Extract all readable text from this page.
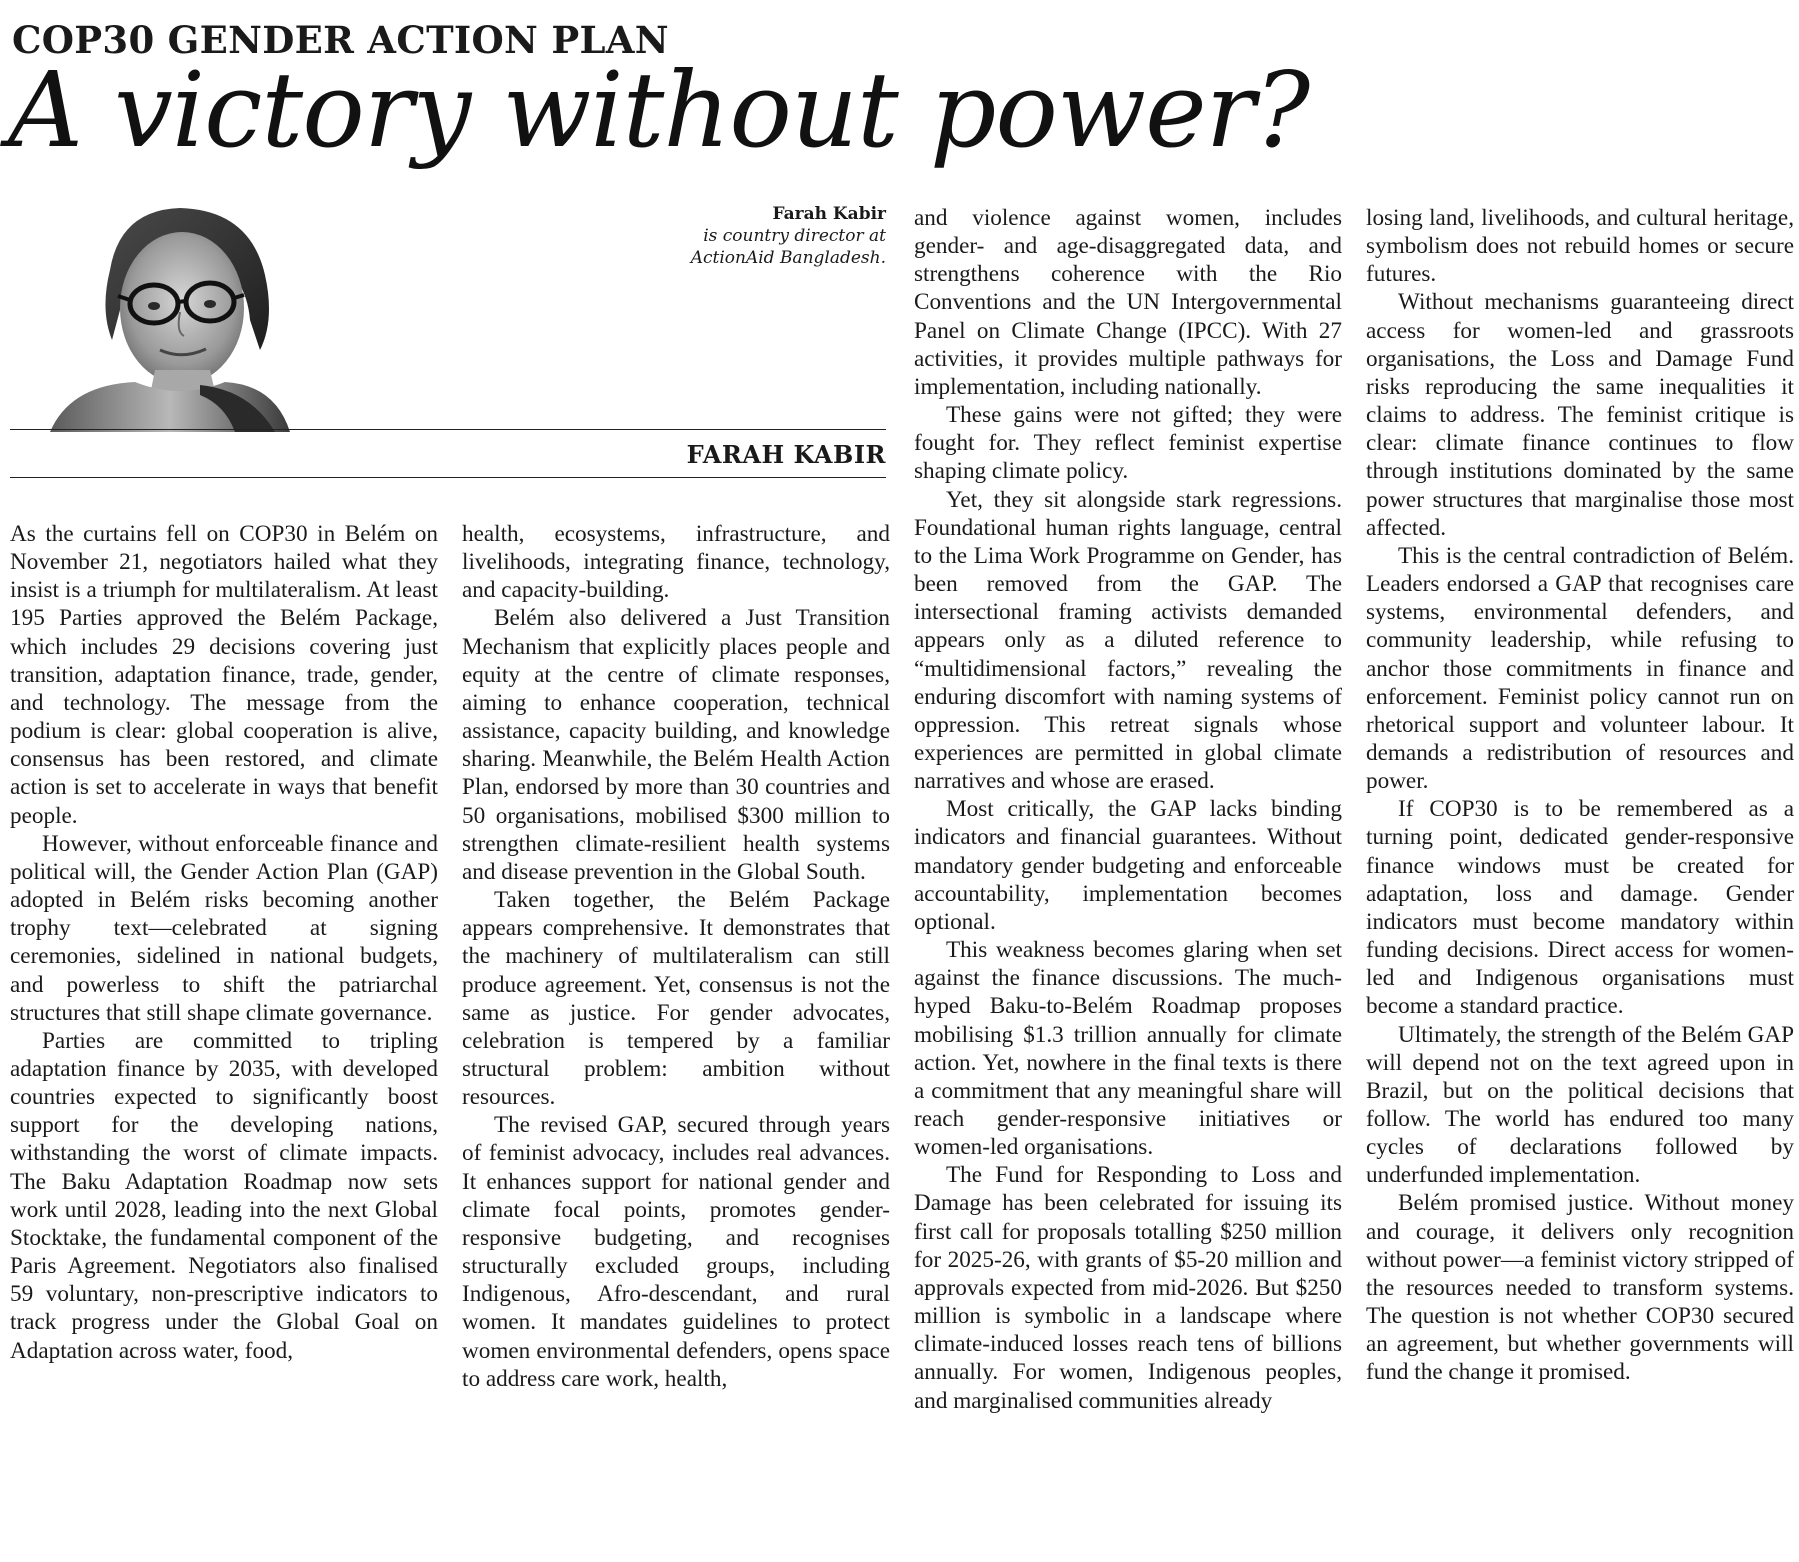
COP30 GENDER ACTION PLAN
A victory without power?
Farah Kabir
is country director at
ActionAid Bangladesh.
FARAH KABIR

As the curtains fell on COP30 in Belém on November 21, negotiators hailed what they insist is a triumph for multilateralism. At least 195 Parties approved the Belém Package, which includes 29 decisions covering just transition, adaptation finance, trade, gender, and technology. The message from the podium is clear: global cooperation is alive, consensus has been restored, and climate action is set to accelerate in ways that benefit people.

However, without enforceable finance and political will, the Gender Action Plan (GAP) adopted in Belém risks becoming another trophy text—celebrated at signing ceremonies, sidelined in national budgets, and powerless to shift the patriarchal structures that still shape climate governance.

Parties are committed to tripling adaptation finance by 2035, with developed countries expected to significantly boost support for the developing nations, withstanding the worst of climate impacts. The Baku Adaptation Roadmap now sets work until 2028, leading into the next Global Stocktake, the fundamental component of the Paris Agreement. Negotiators also finalised 59 voluntary, non-prescriptive indicators to track progress under the Global Goal on Adaptation across water, food,

health, ecosystems, infrastructure, and livelihoods, integrating finance, technology, and capacity-building.

Belém also delivered a Just Transition Mechanism that explicitly places people and equity at the centre of climate responses, aiming to enhance cooperation, technical assistance, capacity building, and knowledge sharing. Meanwhile, the Belém Health Action Plan, endorsed by more than 30 countries and 50 organisations, mobilised $300 million to strengthen climate-resilient health systems and disease prevention in the Global South.

Taken together, the Belém Package appears comprehensive. It demonstrates that the machinery of multilateralism can still produce agreement. Yet, consensus is not the same as justice. For gender advocates, celebration is tempered by a familiar structural problem: ambition without resources.

The revised GAP, secured through years of feminist advocacy, includes real advances. It enhances support for national gender and climate focal points, promotes gender-responsive budgeting, and recognises structurally excluded groups, including Indigenous, Afro-descendant, and rural women. It mandates guidelines to protect women environmental defenders, opens space to address care work, health,

and violence against women, includes gender- and age-disaggregated data, and strengthens coherence with the Rio Conventions and the UN Intergovernmental Panel on Climate Change (IPCC). With 27 activities, it provides multiple pathways for implementation, including nationally.

These gains were not gifted; they were fought for. They reflect feminist expertise shaping climate policy.

Yet, they sit alongside stark regressions. Foundational human rights language, central to the Lima Work Programme on Gender, has been removed from the GAP. The intersectional framing activists demanded appears only as a diluted reference to “multidimensional factors,” revealing the enduring discomfort with naming systems of oppression. This retreat signals whose experiences are permitted in global climate narratives and whose are erased.

Most critically, the GAP lacks binding indicators and financial guarantees. Without mandatory gender budgeting and enforceable accountability, implementation becomes optional.

This weakness becomes glaring when set against the finance discussions. The much-hyped Baku-to-Belém Roadmap proposes mobilising $1.3 trillion annually for climate action. Yet, nowhere in the final texts is there a commitment that any meaningful share will reach gender-responsive initiatives or women-led organisations.

The Fund for Responding to Loss and Damage has been celebrated for issuing its first call for proposals totalling $250 million for 2025-26, with grants of $5-20 million and approvals expected from mid-2026. But $250 million is symbolic in a landscape where climate-induced losses reach tens of billions annually. For women, Indigenous peoples, and marginalised communities already

losing land, livelihoods, and cultural heritage, symbolism does not rebuild homes or secure futures.

Without mechanisms guaranteeing direct access for women-led and grassroots organisations, the Loss and Damage Fund risks reproducing the same inequalities it claims to address. The feminist critique is clear: climate finance continues to flow through institutions dominated by the same power structures that marginalise those most affected.

This is the central contradiction of Belém. Leaders endorsed a GAP that recognises care systems, environmental defenders, and community leadership, while refusing to anchor those commitments in finance and enforcement. Feminist policy cannot run on rhetorical support and volunteer labour. It demands a redistribution of resources and power.

If COP30 is to be remembered as a turning point, dedicated gender-responsive finance windows must be created for adaptation, loss and damage. Gender indicators must become mandatory within funding decisions. Direct access for women-led and Indigenous organisations must become a standard practice.

Ultimately, the strength of the Belém GAP will depend not on the text agreed upon in Brazil, but on the political decisions that follow. The world has endured too many cycles of declarations followed by underfunded implementation.

Belém promised justice. Without money and courage, it delivers only recognition without power—a feminist victory stripped of the resources needed to transform systems. The question is not whether COP30 secured an agreement, but whether governments will fund the change it promised.
